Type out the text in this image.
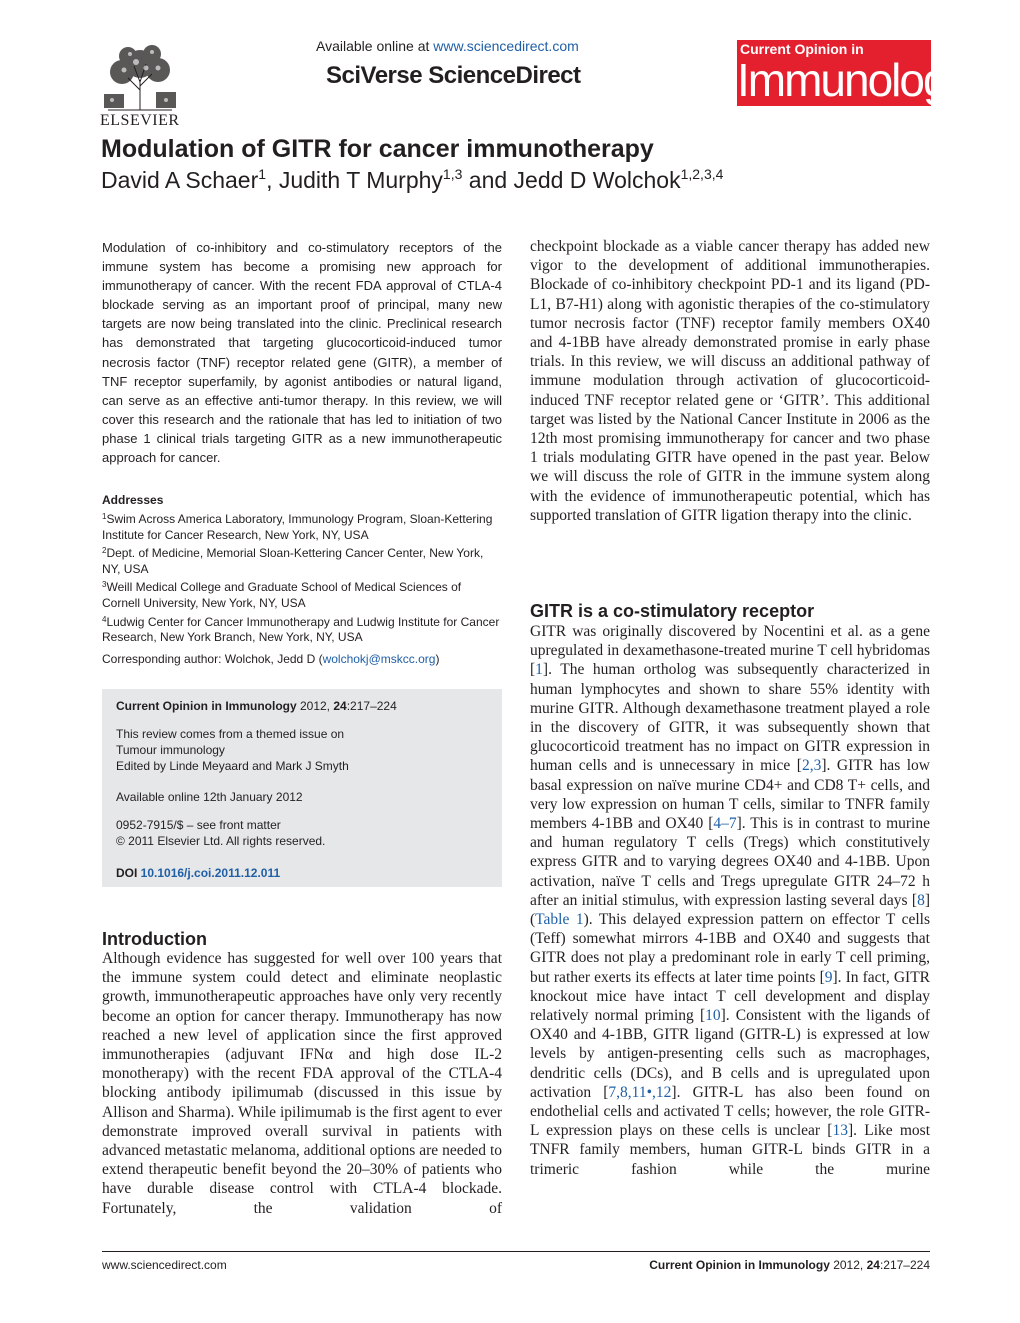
ELSEVIER
Available online at www.sciencedirect.com
SciVerse ScienceDirect
Current Opinion in
Immunology
Modulation of GITR for cancer immunotherapy
David A Schaer$^1$, Judith T Murphy$^{1,3}$ and Jedd D Wolchok$^{1,2,3,4}$

Modulation of co-inhibitory and co-stimulatory receptors of the immune system has become a promising new approach for immunotherapy of cancer. With the recent FDA approval of CTLA-4 blockade serving as an important proof of principal, many new targets are now being translated into the clinic. Preclinical research has demonstrated that targeting glucocorticoid-induced tumor necrosis factor (TNF) receptor related gene (GITR), a member of TNF receptor superfamily, by agonist antibodies or natural ligand, can serve as an effective anti-tumor therapy. In this review, we will cover this research and the rationale that has led to initiation of two phase 1 clinical trials targeting GITR as a new immunotherapeutic approach for cancer.

Addresses
$^1$Swim Across America Laboratory, Immunology Program, Sloan-Kettering Institute for Cancer Research, New York, NY, USA
$^2$Dept. of Medicine, Memorial Sloan-Kettering Cancer Center, New York, NY, USA
$^3$Weill Medical College and Graduate School of Medical Sciences of Cornell University, New York, NY, USA
$^4$Ludwig Center for Cancer Immunotherapy and Ludwig Institute for Cancer Research, New York Branch, New York, NY, USA
Corresponding author: Wolchok, Jedd D (wolchokj@mskcc.org)
Current Opinion in Immunology 2012, 24:217–224
This review comes from a themed issue on
Tumour immunology
Edited by Linde Meyaard and Mark J Smyth
Available online 12th January 2012
0952-7915/$ – see front matter
© 2011 Elsevier Ltd. All rights reserved.
DOI 10.1016/j.coi.2011.12.011
Introduction

Although evidence has suggested for well over 100 years that the immune system could detect and eliminate neoplastic growth, immunotherapeutic approaches have only very recently become an option for cancer therapy. Immunotherapy has now reached a new level of application since the first approved immunotherapies (adjuvant IFNα and high dose IL-2 monotherapy) with the recent FDA approval of the CTLA-4 blocking antibody ipilimumab (discussed in this issue by Allison and Sharma). While ipilimumab is the first agent to ever demonstrate improved overall survival in patients with advanced metastatic melanoma, additional options are needed to extend therapeutic benefit beyond the 20–30% of patients who have durable disease control with CTLA-4 blockade. Fortunately, the validation of

checkpoint blockade as a viable cancer therapy has added new vigor to the development of additional immunotherapies. Blockade of co-inhibitory checkpoint PD-1 and its ligand (PD-L1, B7-H1) along with agonistic therapies of the co-stimulatory tumor necrosis factor (TNF) receptor family members OX40 and 4-1BB have already demonstrated promise in early phase trials. In this review, we will discuss an additional pathway of immune modulation through activation of glucocorticoid-induced TNF receptor related gene or ‘GITR’. This additional target was listed by the National Cancer Institute in 2006 as the 12th most promising immunotherapy for cancer and two phase 1 trials modulating GITR have opened in the past year. Below we will discuss the role of GITR in the immune system along with the evidence of immunotherapeutic potential, which has supported translation of GITR ligation therapy into the clinic.

GITR is a co-stimulatory receptor

GITR was originally discovered by Nocentini et al. as a gene upregulated in dexamethasone-treated murine T cell hybridomas [1]. The human ortholog was subsequently characterized in human lymphocytes and shown to share 55% identity with murine GITR. Although dexamethasone treatment played a role in the discovery of GITR, it was subsequently shown that glucocorticoid treatment has no impact on GITR expression in human cells and is unnecessary in mice [2,3]. GITR has low basal expression on naïve murine CD4+ and CD8 T+ cells, and very low expression on human T cells, similar to TNFR family members 4-1BB and OX40 [4–7]. This is in contrast to murine and human regulatory T cells (Tregs) which constitutively express GITR and to varying degrees OX40 and 4-1BB. Upon activation, naïve T cells and Tregs upregulate GITR 24–72 h after an initial stimulus, with expression lasting several days [8] (Table 1). This delayed expression pattern on effector T cells (Teff) somewhat mirrors 4-1BB and OX40 and suggests that GITR does not play a predominant role in early T cell priming, but rather exerts its effects at later time points [9]. In fact, GITR knockout mice have intact T cell development and display relatively normal priming [10]. Consistent with the ligands of OX40 and 4-1BB, GITR ligand (GITR-L) is expressed at low levels by antigen-presenting cells such as macrophages, dendritic cells (DCs), and B cells and is upregulated upon activation [7,8,11•,12]. GITR-L has also been found on endothelial cells and activated T cells; however, the role GITR-L expression plays on these cells is unclear [13]. Like most TNFR family members, human GITR-L binds GITR in a trimeric fashion while the murine

www.sciencedirect.com	Current Opinion in Immunology 2012, 24:217–224
